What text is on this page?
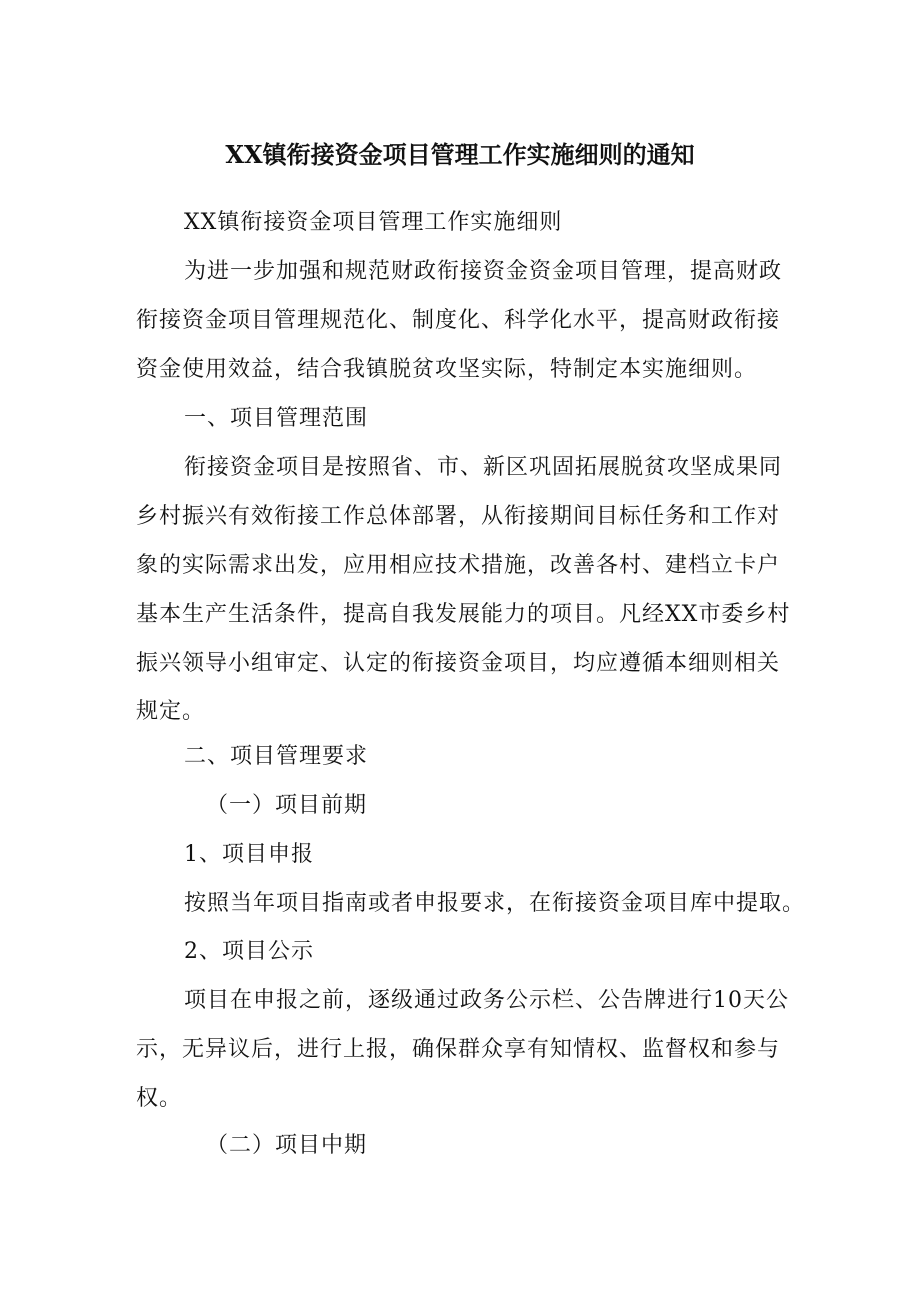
XX镇衔接资金项目管理工作实施细则的通知
XX镇衔接资金项目管理工作实施细则
为进一步加强和规范财政衔接资金资金项目管理，提高财政
衔接资金项目管理规范化、制度化、科学化水平，提高财政衔接
资金使用效益，结合我镇脱贫攻坚实际，特制定本实施细则。
一、项目管理范围
衔接资金项目是按照省、市、新区巩固拓展脱贫攻坚成果同
乡村振兴有效衔接工作总体部署，从衔接期间目标任务和工作对
象的实际需求出发，应用相应技术措施，改善各村、建档立卡户
基本生产生活条件，提高自我发展能力的项目。凡经XX市委乡村
振兴领导小组审定、认定的衔接资金项目，均应遵循本细则相关
规定。
二、项目管理要求
（一）项目前期
1、项目申报
按照当年项目指南或者申报要求，在衔接资金项目库中提取。
2、项目公示
项目在申报之前，逐级通过政务公示栏、公告牌进行10天公
示，无异议后，进行上报，确保群众享有知情权、监督权和参与
权。
（二）项目中期
